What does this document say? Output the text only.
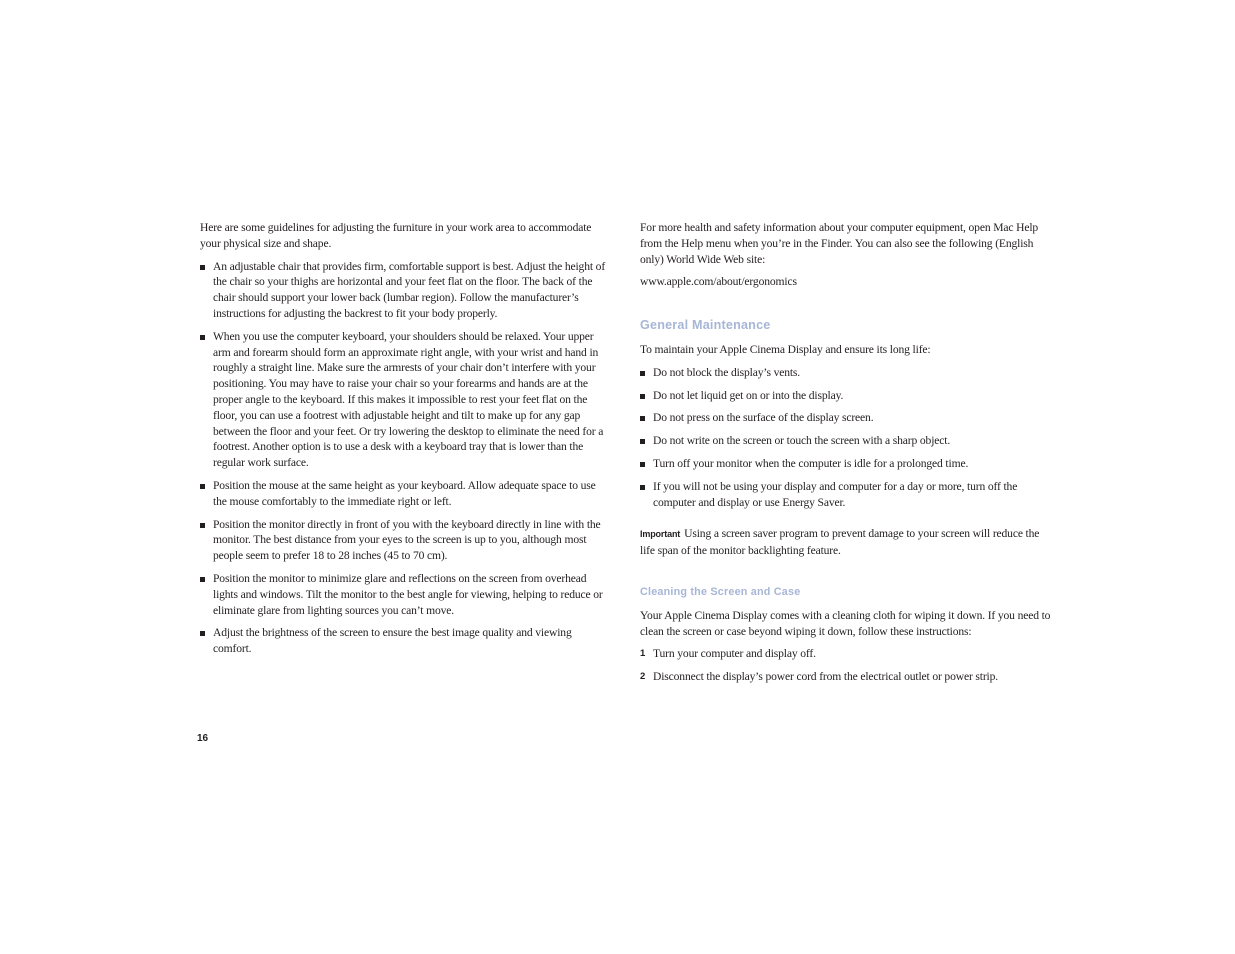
Here are some guidelines for adjusting the furniture in your work area to accommodate your physical size and shape.

An adjustable chair that provides firm, comfortable support is best. Adjust the height of the chair so your thighs are horizontal and your feet flat on the floor. The back of the chair should support your lower back (lumbar region). Follow the manufacturer’s instructions for adjusting the backrest to fit your body properly.
When you use the computer keyboard, your shoulders should be relaxed. Your upper arm and forearm should form an approximate right angle, with your wrist and hand in roughly a straight line. Make sure the armrests of your chair don’t interfere with your positioning. You may have to raise your chair so your forearms and hands are at the proper angle to the keyboard. If this makes it impossible to rest your feet flat on the floor, you can use a footrest with adjustable height and tilt to make up for any gap between the floor and your feet. Or try lowering the desktop to eliminate the need for a footrest. Another option is to use a desk with a keyboard tray that is lower than the regular work surface.
Position the mouse at the same height as your keyboard. Allow adequate space to use the mouse comfortably to the immediate right or left.
Position the monitor directly in front of you with the keyboard directly in line with the monitor. The best distance from your eyes to the screen is up to you, although most people seem to prefer 18 to 28 inches (45 to 70 cm).
Position the monitor to minimize glare and reflections on the screen from overhead lights and windows. Tilt the monitor to the best angle for viewing, helping to reduce or eliminate glare from lighting sources you can’t move.
Adjust the brightness of the screen to ensure the best image quality and viewing comfort.

For more health and safety information about your computer equipment, open Mac Help from the Help menu when you’re in the Finder. You can also see the following (English only) World Wide Web site:

www.apple.com/about/ergonomics

General Maintenance

To maintain your Apple Cinema Display and ensure its long life:

Do not block the display’s vents.
Do not let liquid get on or into the display.
Do not press on the surface of the display screen.
Do not write on the screen or touch the screen with a sharp object.
Turn off your monitor when the computer is idle for a prolonged time.
If you will not be using your display and computer for a day or more, turn off the computer and display or use Energy Saver.

Important Using a screen saver program to prevent damage to your screen will reduce the life span of the monitor backlighting feature.

Cleaning the Screen and Case

Your Apple Cinema Display comes with a cleaning cloth for wiping it down. If you need to clean the screen or case beyond wiping it down, follow these instructions:

1 Turn your computer and display off.
2 Disconnect the display’s power cord from the electrical outlet or power strip.
16
